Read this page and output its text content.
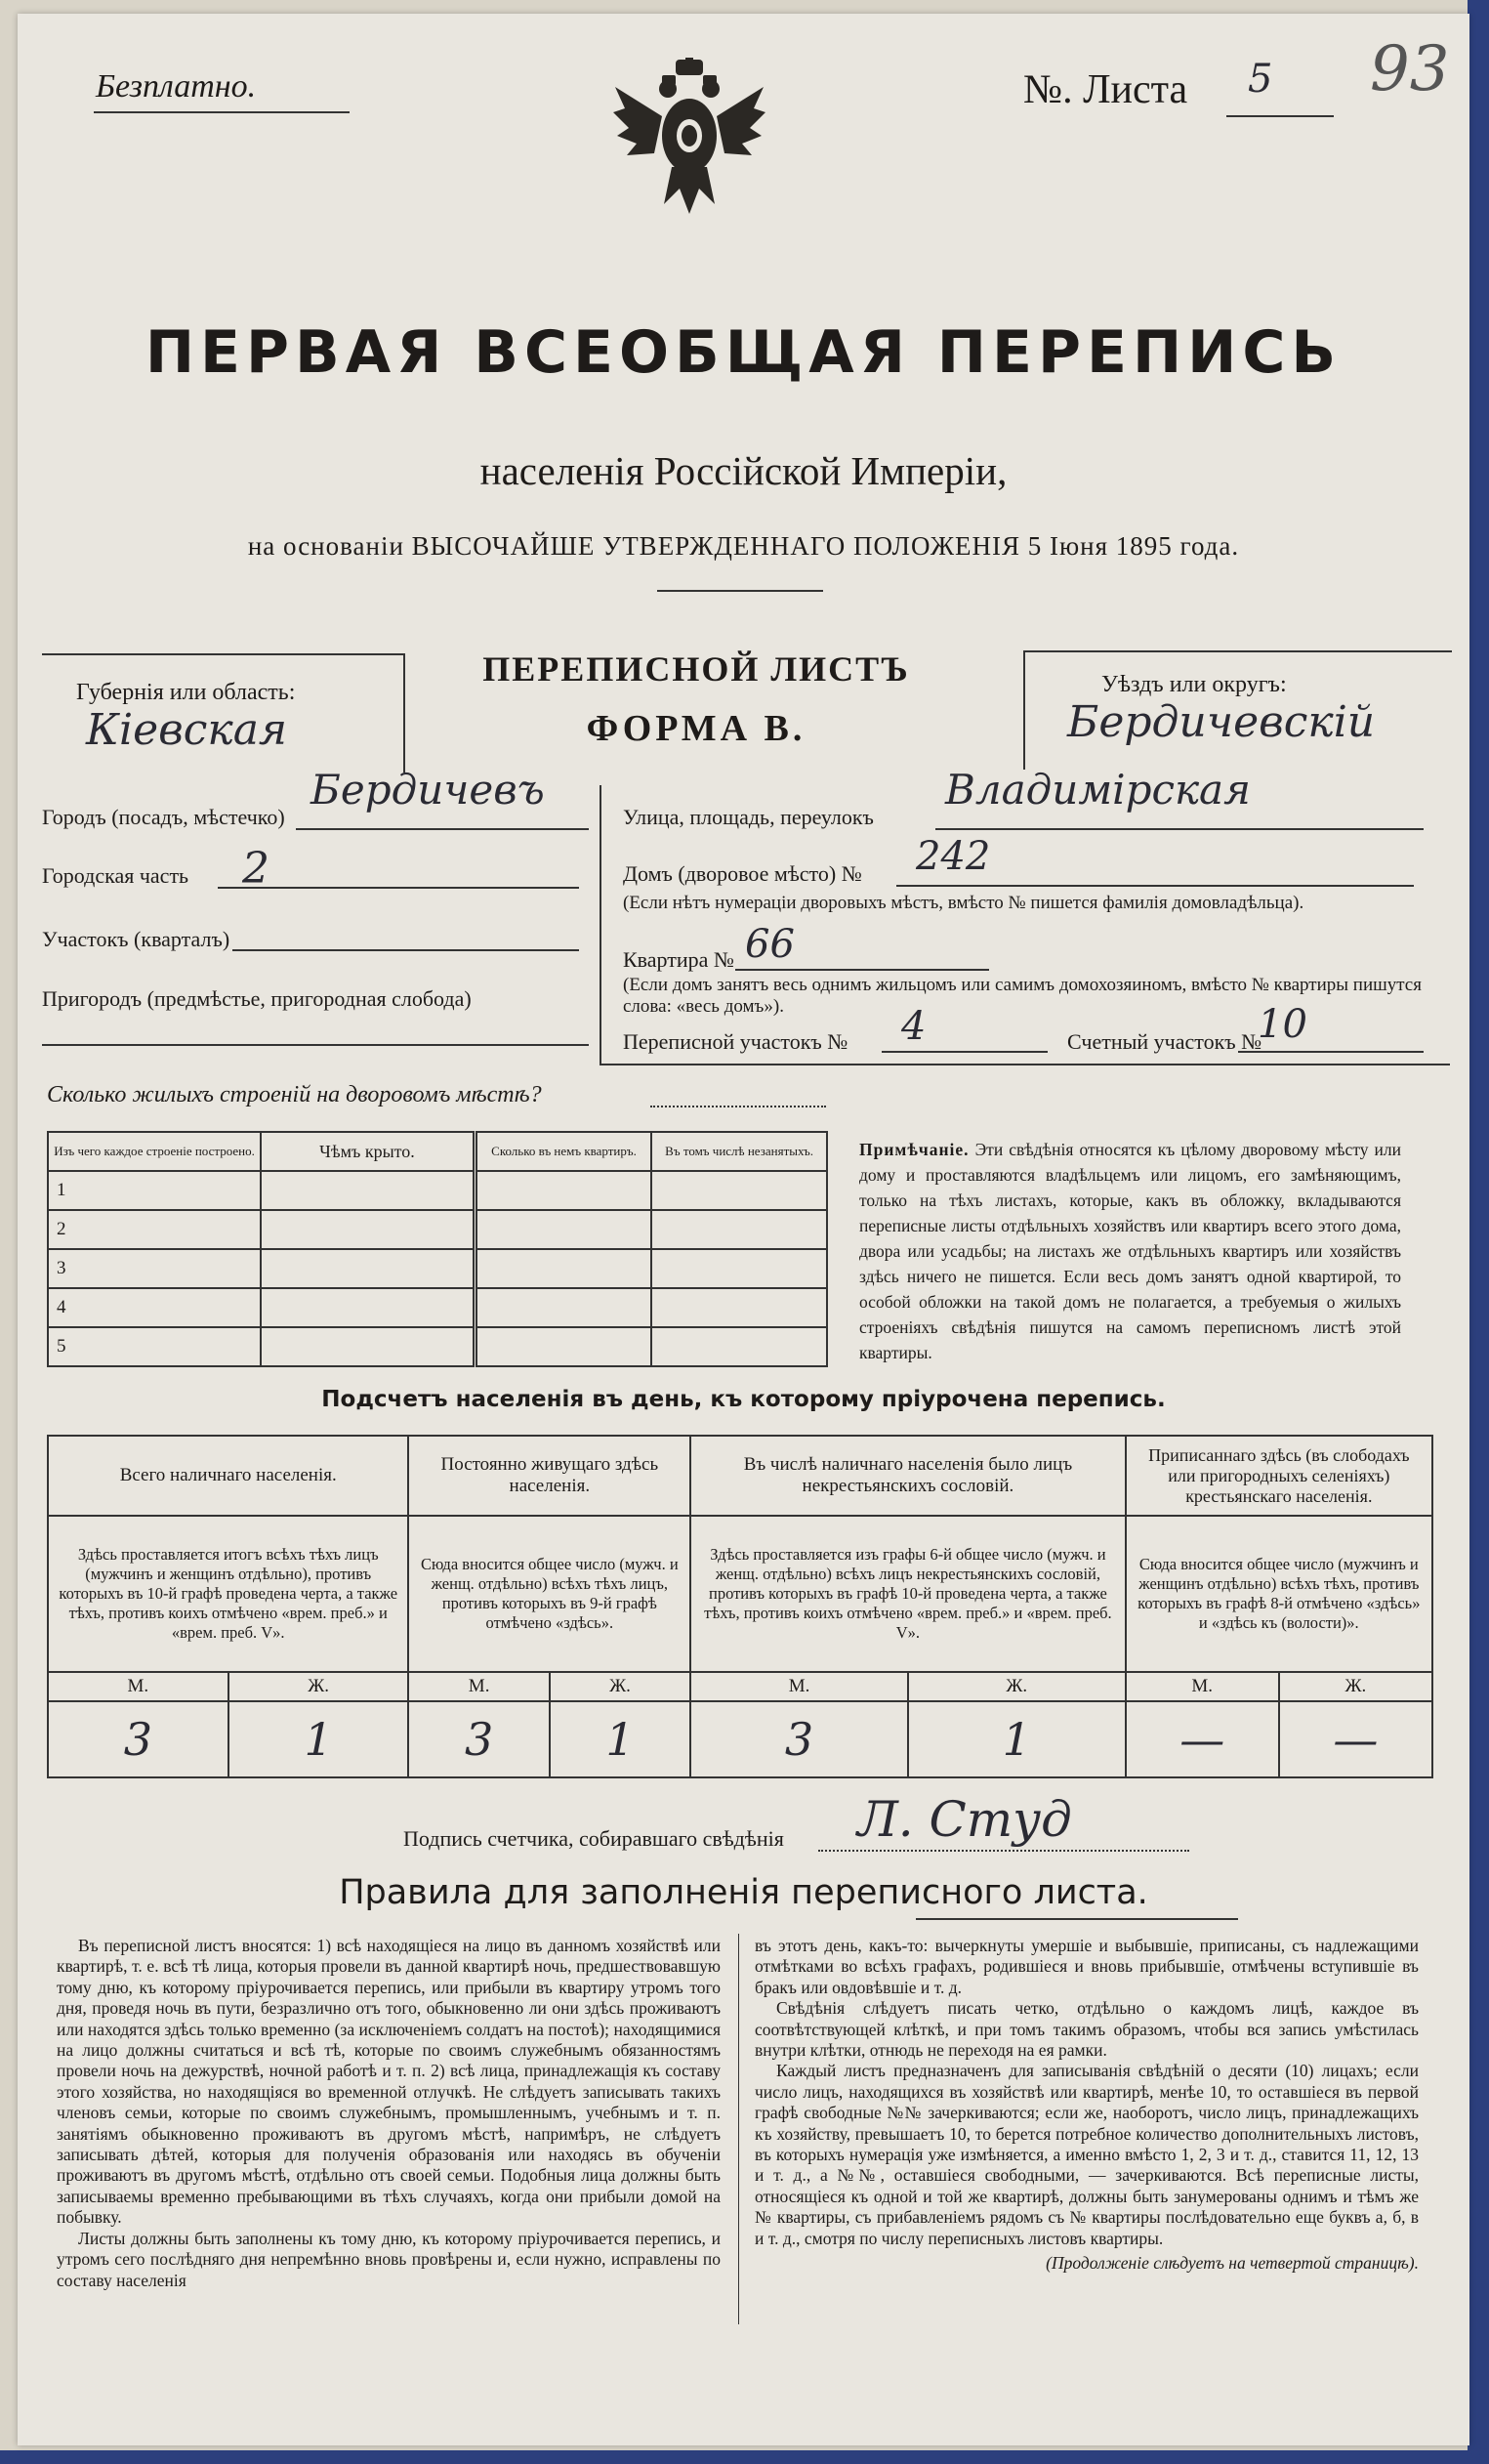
Безплатно.	№. Листа 5 93
ПЕРВАЯ ВСЕОБЩАЯ ПЕРЕПИСЬ
населенія Россійской Имперіи,
на основаніи ВЫСОЧАЙШЕ УТВЕРЖДЕННАГО ПОЛОЖЕНІЯ 5 Іюня 1895 года.
Губернія или область:
Кіевская
ПЕРЕПИСНОЙ ЛИСТЪ
ФОРМА В.
Уѣздъ или округъ:
Бердичевскій
Городъ (посадъ, мѣстечко)
Бердичевъ
Городская часть 2
Участокъ (кварталъ)
Пригородъ (предмѣстье, пригородная слобода)
Улица, площадь, переулокъ
Владимірская
Домъ (дворовое мѣсто) № 242
(Если нѣтъ нумераціи дворовыхъ мѣстъ, вмѣсто № пишется фамилія домовладѣльца).
Квартира № 66
(Если домъ занятъ весь однимъ жильцомъ или самимъ домохозяиномъ, вмѣсто № квартиры пишутся слова: «весь домъ»).
Переписной участокъ № 4	Счетный участокъ №
10
Сколько жилыхъ строеній на дворовомъ мѣстѣ?
Изъ чего каждое строеніе построено.	Чѣмъ крыто.	Сколько въ немъ квартиръ.	Въ томъ числѣ незанятыхъ.
1			
2			
3			
4			
5			
Примѣчаніе. Эти свѣдѣнія относятся къ цѣлому дворовому мѣсту или дому и проставляются владѣльцемъ или лицомъ, его замѣняющимъ, только на тѣхъ листахъ, которые, какъ въ обложку, вкладываются переписные листы отдѣльныхъ хозяйствъ или квартиръ всего этого дома, двора или усадьбы; на листахъ же отдѣльныхъ квартиръ или хозяйствъ здѣсь ничего не пишется. Если весь домъ занятъ одной квартирой, то особой обложки на такой домъ не полагается, а требуемыя о жилыхъ строеніяхъ свѣдѣнія пишутся на самомъ переписномъ листѣ этой квартиры.
Подсчетъ населенія въ день, къ которому пріурочена перепись.
Всего наличнаго населенія.		Постоянно живущаго здѣсь населенія.		Въ числѣ наличнаго населенія было лицъ некрестьянскихъ сословій.		Приписаннаго здѣсь (въ слободахъ или пригородныхъ селеніяхъ) крестьянскаго населенія.	
Здѣсь проставляется итогъ всѣхъ тѣхъ лицъ (мужчинъ и женщинъ отдѣльно), противъ которыхъ въ 10-й графѣ проведена черта, а также тѣхъ, противъ коихъ отмѣчено «врем. преб.» и «врем. преб. V».		Сюда вносится общее число (мужч. и женщ. отдѣльно) всѣхъ тѣхъ лицъ, противъ которыхъ въ 9-й графѣ отмѣчено «здѣсь».		Здѣсь проставляется изъ графы 6-й общее число (мужч. и женщ. отдѣльно) всѣхъ лицъ некрестьянскихъ сословій, противъ которыхъ въ графѣ 10-й проведена черта, а также тѣхъ, противъ коихъ отмѣчено «врем. преб.» и «врем. преб. V».		Сюда вносится общее число (мужчинъ и женщинъ отдѣльно) всѣхъ тѣхъ, противъ которыхъ въ графѣ 8-й отмѣчено «здѣсь» и «здѣсь къ (волости)».	
М.	Ж.	М.	Ж.	М.	Ж.	М.	Ж.
3	1	3	1	3	1	—	—
Подпись счетчика, собиравшаго свѣдѣнія Л. Студ
Правила для заполненія переписного листа.

Въ переписной листъ вносятся: 1) всѣ находящіеся на лицо въ данномъ хозяйствѣ или квартирѣ, т. е. всѣ тѣ лица, которыя провели въ данной квартирѣ ночь, предшествовавшую тому дню, къ которому пріурочивается перепись, или прибыли въ квартиру утромъ того дня, проведя ночь въ пути, безразлично отъ того, обыкновенно ли они здѣсь проживаютъ или находятся здѣсь только временно (за исключеніемъ солдатъ на постоѣ); находящимися на лицо должны считаться и всѣ тѣ, которые по своимъ служебнымъ обязанностямъ провели ночь на дежурствѣ, ночной работѣ и т. п. 2) всѣ лица, принадлежащія къ составу этого хозяйства, но находящіяся во временной отлучкѣ. Не слѣдуетъ записывать такихъ членовъ семьи, которые по своимъ служебнымъ, промышленнымъ, учебнымъ и т. п. занятіямъ обыкновенно проживаютъ въ другомъ мѣстѣ, напримѣръ, не слѣдуетъ записывать дѣтей, которыя для полученія образованія или находясь въ обученіи проживаютъ въ другомъ мѣстѣ, отдѣльно отъ своей семьи. Подобныя лица должны быть записываемы временно пребывающими въ тѣхъ случаяхъ, когда они прибыли домой на побывку.

Листы должны быть заполнены къ тому дню, къ которому пріурочивается перепись, и утромъ сего послѣдняго дня непремѣнно вновь провѣрены и, если нужно, исправлены по составу населенія

въ этотъ день, какъ-то: вычеркнуты умершіе и выбывшіе, приписаны, съ надлежащими отмѣтками во всѣхъ графахъ, родившіеся и вновь прибывшіе, отмѣчены вступившіе въ бракъ или овдовѣвшіе и т. д.

Свѣдѣнія слѣдуетъ писать четко, отдѣльно о каждомъ лицѣ, каждое въ соотвѣтствующей клѣткѣ, и при томъ такимъ образомъ, чтобы вся запись умѣстилась внутри клѣтки, отнюдь не переходя на ея рамки.

Каждый листъ предназначенъ для записыванія свѣдѣній о десяти (10) лицахъ; если число лицъ, находящихся въ хозяйствѣ или квартирѣ, менѣе 10, то оставшіеся въ первой графѣ свободные №№ зачеркиваются; если же, наоборотъ, число лицъ, принадлежащихъ къ хозяйству, превышаетъ 10, то берется потребное количество дополнительныхъ листовъ, въ которыхъ нумерація уже измѣняется, а именно вмѣсто 1, 2, 3 и т. д., ставится 11, 12, 13 и т. д., а №№, оставшіеся свободными, — зачеркиваются. Всѣ переписные листы, относящіеся къ одной и той же квартирѣ, должны быть занумерованы однимъ и тѣмъ же № квартиры, съ прибавленіемъ рядомъ съ № квартиры послѣдовательно еще буквъ а, б, в и т. д., смотря по числу переписныхъ листовъ квартиры.

(Продолженіе слѣдуетъ на четвертой страницѣ).
